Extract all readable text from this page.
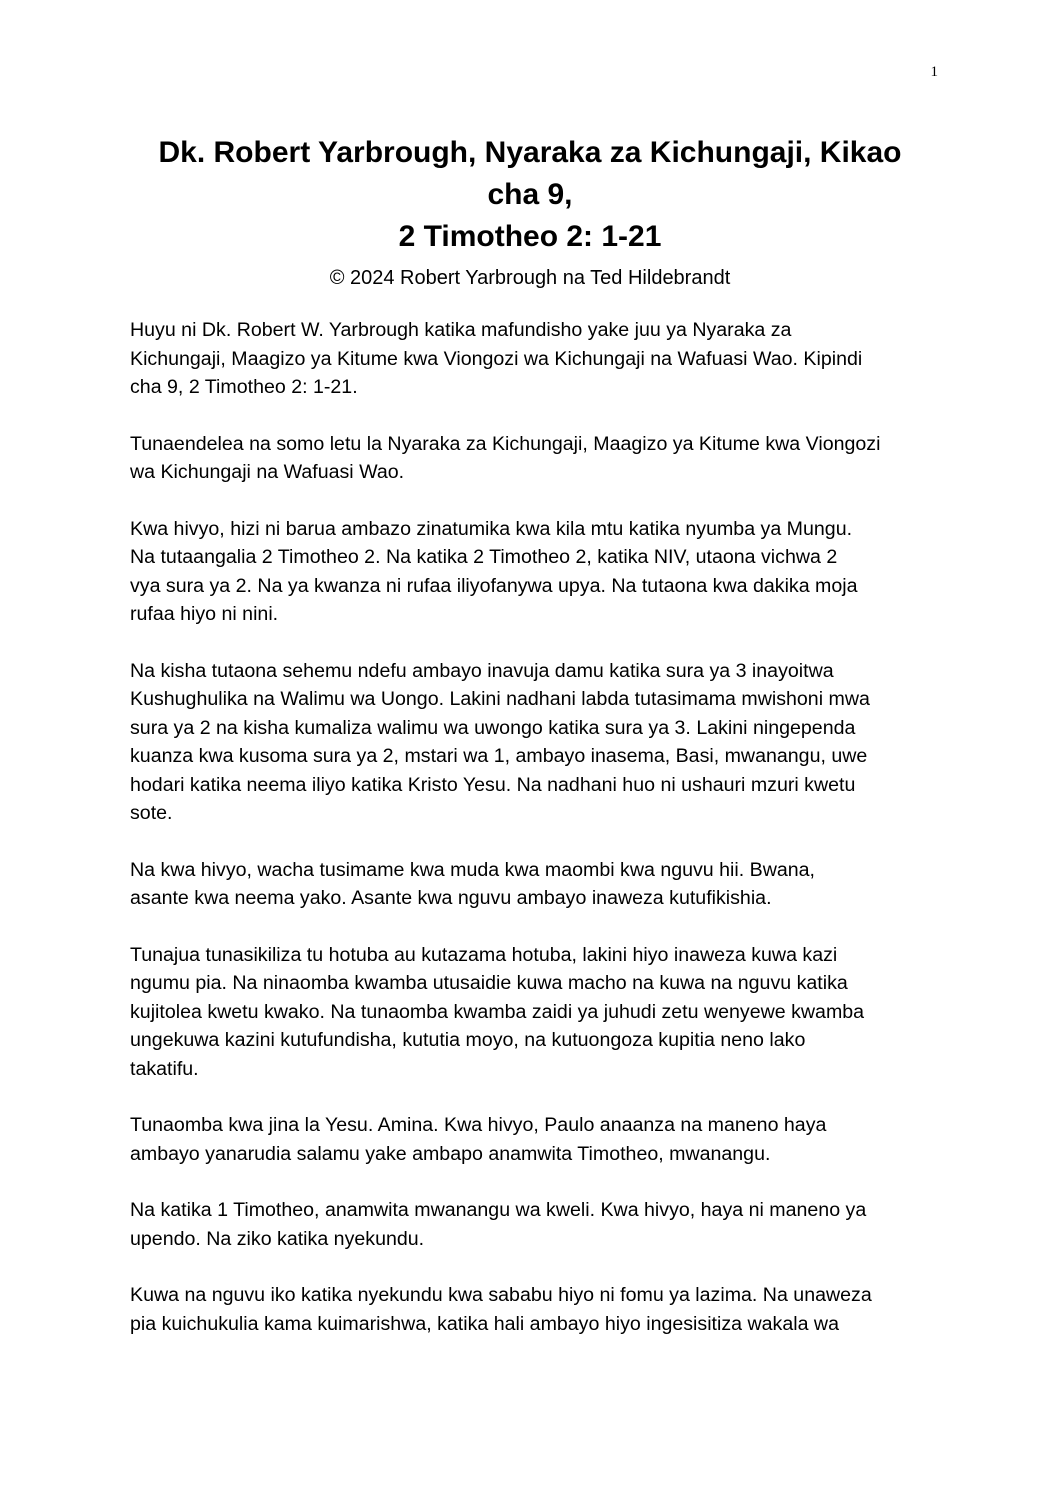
1
Dk. Robert Yarbrough, Nyaraka za Kichungaji, Kikao
cha 9,
2 Timotheo 2: 1-21

© 2024 Robert Yarbrough na Ted Hildebrandt

Huyu ni Dk. Robert W. Yarbrough katika mafundisho yake juu ya Nyaraka za
Kichungaji, Maagizo ya Kitume kwa Viongozi wa Kichungaji na Wafuasi Wao. Kipindi
cha 9, 2 Timotheo 2: 1-21.

Tunaendelea na somo letu la Nyaraka za Kichungaji, Maagizo ya Kitume kwa Viongozi
wa Kichungaji na Wafuasi Wao.

Kwa hivyo, hizi ni barua ambazo zinatumika kwa kila mtu katika nyumba ya Mungu.
Na tutaangalia 2 Timotheo 2. Na katika 2 Timotheo 2, katika NIV, utaona vichwa 2
vya sura ya 2. Na ya kwanza ni rufaa iliyofanywa upya. Na tutaona kwa dakika moja
rufaa hiyo ni nini.

Na kisha tutaona sehemu ndefu ambayo inavuja damu katika sura ya 3 inayoitwa
Kushughulika na Walimu wa Uongo. Lakini nadhani labda tutasimama mwishoni mwa
sura ya 2 na kisha kumaliza walimu wa uwongo katika sura ya 3. Lakini ningependa
kuanza kwa kusoma sura ya 2, mstari wa 1, ambayo inasema, Basi, mwanangu, uwe
hodari katika neema iliyo katika Kristo Yesu. Na nadhani huo ni ushauri mzuri kwetu
sote.

Na kwa hivyo, wacha tusimame kwa muda kwa maombi kwa nguvu hii. Bwana,
asante kwa neema yako. Asante kwa nguvu ambayo inaweza kutufikishia.

Tunajua tunasikiliza tu hotuba au kutazama hotuba, lakini hiyo inaweza kuwa kazi
ngumu pia. Na ninaomba kwamba utusaidie kuwa macho na kuwa na nguvu katika
kujitolea kwetu kwako. Na tunaomba kwamba zaidi ya juhudi zetu wenyewe kwamba
ungekuwa kazini kutufundisha, kututia moyo, na kutuongoza kupitia neno lako
takatifu.

Tunaomba kwa jina la Yesu. Amina. Kwa hivyo, Paulo anaanza na maneno haya
ambayo yanarudia salamu yake ambapo anamwita Timotheo, mwanangu.

Na katika 1 Timotheo, anamwita mwanangu wa kweli. Kwa hivyo, haya ni maneno ya
upendo. Na ziko katika nyekundu.

Kuwa na nguvu iko katika nyekundu kwa sababu hiyo ni fomu ya lazima. Na unaweza
pia kuichukulia kama kuimarishwa, katika hali ambayo hiyo ingesisitiza wakala wa
